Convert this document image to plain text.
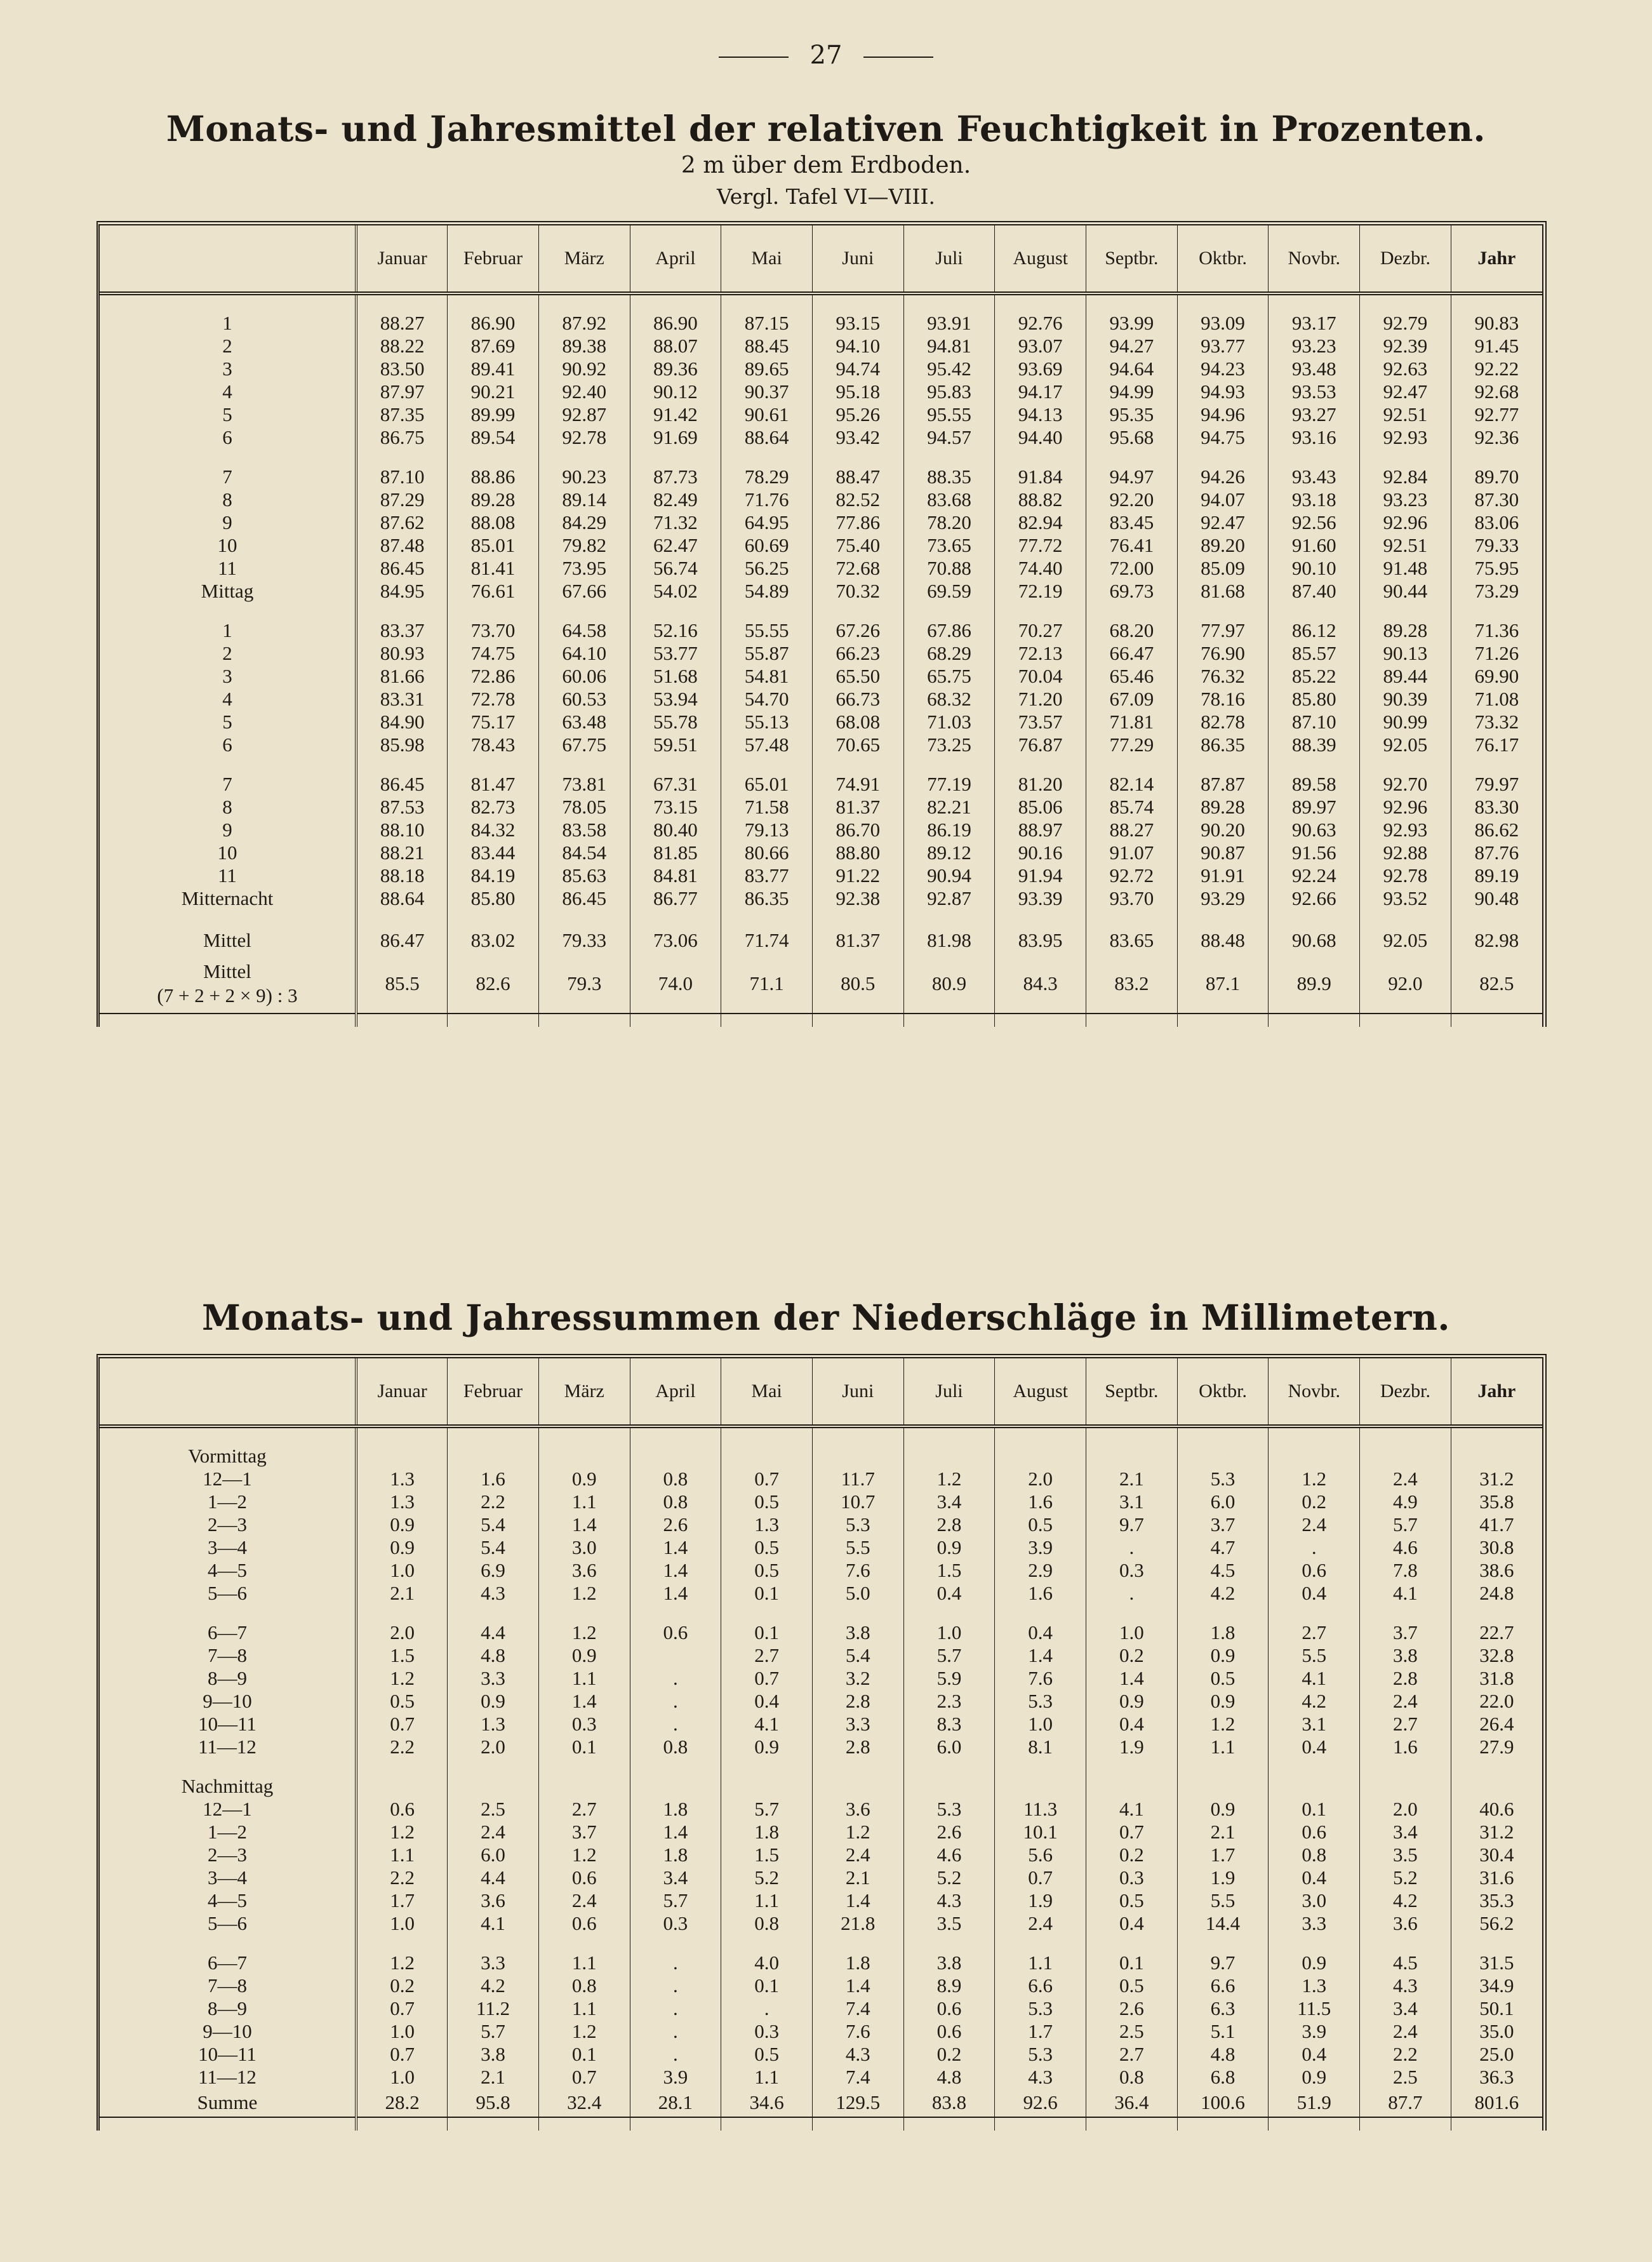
27
Monats- und Jahresmittel der relativen Feuchtigkeit in Prozenten.
2 m über dem Erdboden.
Vergl. Tafel VI—VIII.
	Januar	Februar	März	April	Mai	Juni	Juli	August	Septbr.	Oktbr.	Novbr.	Dezbr.	Jahr

1	88.27	86.90	87.92	86.90	87.15	93.15	93.91	92.76	93.99	93.09	93.17	92.79	90.83
2	88.22	87.69	89.38	88.07	88.45	94.10	94.81	93.07	94.27	93.77	93.23	92.39	91.45
3	83.50	89.41	90.92	89.36	89.65	94.74	95.42	93.69	94.64	94.23	93.48	92.63	92.22
4	87.97	90.21	92.40	90.12	90.37	95.18	95.83	94.17	94.99	94.93	93.53	92.47	92.68
5	87.35	89.99	92.87	91.42	90.61	95.26	95.55	94.13	95.35	94.96	93.27	92.51	92.77
6	86.75	89.54	92.78	91.69	88.64	93.42	94.57	94.40	95.68	94.75	93.16	92.93	92.36

7	87.10	88.86	90.23	87.73	78.29	88.47	88.35	91.84	94.97	94.26	93.43	92.84	89.70
8	87.29	89.28	89.14	82.49	71.76	82.52	83.68	88.82	92.20	94.07	93.18	93.23	87.30
9	87.62	88.08	84.29	71.32	64.95	77.86	78.20	82.94	83.45	92.47	92.56	92.96	83.06
10	87.48	85.01	79.82	62.47	60.69	75.40	73.65	77.72	76.41	89.20	91.60	92.51	79.33
11	86.45	81.41	73.95	56.74	56.25	72.68	70.88	74.40	72.00	85.09	90.10	91.48	75.95
Mittag	84.95	76.61	67.66	54.02	54.89	70.32	69.59	72.19	69.73	81.68	87.40	90.44	73.29

1	83.37	73.70	64.58	52.16	55.55	67.26	67.86	70.27	68.20	77.97	86.12	89.28	71.36
2	80.93	74.75	64.10	53.77	55.87	66.23	68.29	72.13	66.47	76.90	85.57	90.13	71.26
3	81.66	72.86	60.06	51.68	54.81	65.50	65.75	70.04	65.46	76.32	85.22	89.44	69.90
4	83.31	72.78	60.53	53.94	54.70	66.73	68.32	71.20	67.09	78.16	85.80	90.39	71.08
5	84.90	75.17	63.48	55.78	55.13	68.08	71.03	73.57	71.81	82.78	87.10	90.99	73.32
6	85.98	78.43	67.75	59.51	57.48	70.65	73.25	76.87	77.29	86.35	88.39	92.05	76.17

7	86.45	81.47	73.81	67.31	65.01	74.91	77.19	81.20	82.14	87.87	89.58	92.70	79.97
8	87.53	82.73	78.05	73.15	71.58	81.37	82.21	85.06	85.74	89.28	89.97	92.96	83.30
9	88.10	84.32	83.58	80.40	79.13	86.70	86.19	88.97	88.27	90.20	90.63	92.93	86.62
10	88.21	83.44	84.54	81.85	80.66	88.80	89.12	90.16	91.07	90.87	91.56	92.88	87.76
11	88.18	84.19	85.63	84.81	83.77	91.22	90.94	91.94	92.72	91.91	92.24	92.78	89.19
Mitternacht	88.64	85.80	86.45	86.77	86.35	92.38	92.87	93.39	93.70	93.29	92.66	93.52	90.48

Mittel	86.47	83.02	79.33	73.06	71.74	81.37	81.98	83.95	83.65	88.48	90.68	92.05	82.98

Mittel
(7 + 2 + 2 × 9) : 3	85.5	82.6	79.3	74.0	71.1	80.5	80.9	84.3	83.2	87.1	89.9	92.0	82.5

Monats- und Jahressummen der Niederschläge in Millimetern.
	Januar	Februar	März	April	Mai	Juni	Juli	August	Septbr.	Oktbr.	Novbr.	Dezbr.	Jahr

Vormittag													
12—1	1.3	1.6	0.9	0.8	0.7	11.7	1.2	2.0	2.1	5.3	1.2	2.4	31.2
1—2	1.3	2.2	1.1	0.8	0.5	10.7	3.4	1.6	3.1	6.0	0.2	4.9	35.8
2—3	0.9	5.4	1.4	2.6	1.3	5.3	2.8	0.5	9.7	3.7	2.4	5.7	41.7
3—4	0.9	5.4	3.0	1.4	0.5	5.5	0.9	3.9	.	4.7	.	4.6	30.8
4—5	1.0	6.9	3.6	1.4	0.5	7.6	1.5	2.9	0.3	4.5	0.6	7.8	38.6
5—6	2.1	4.3	1.2	1.4	0.1	5.0	0.4	1.6	.	4.2	0.4	4.1	24.8

6—7	2.0	4.4	1.2	0.6	0.1	3.8	1.0	0.4	1.0	1.8	2.7	3.7	22.7
7—8	1.5	4.8	0.9		2.7	5.4	5.7	1.4	0.2	0.9	5.5	3.8	32.8
8—9	1.2	3.3	1.1	.	0.7	3.2	5.9	7.6	1.4	0.5	4.1	2.8	31.8
9—10	0.5	0.9	1.4	.	0.4	2.8	2.3	5.3	0.9	0.9	4.2	2.4	22.0
10—11	0.7	1.3	0.3	.	4.1	3.3	8.3	1.0	0.4	1.2	3.1	2.7	26.4
11—12	2.2	2.0	0.1	0.8	0.9	2.8	6.0	8.1	1.9	1.1	0.4	1.6	27.9

Nachmittag													
12—1	0.6	2.5	2.7	1.8	5.7	3.6	5.3	11.3	4.1	0.9	0.1	2.0	40.6
1—2	1.2	2.4	3.7	1.4	1.8	1.2	2.6	10.1	0.7	2.1	0.6	3.4	31.2
2—3	1.1	6.0	1.2	1.8	1.5	2.4	4.6	5.6	0.2	1.7	0.8	3.5	30.4
3—4	2.2	4.4	0.6	3.4	5.2	2.1	5.2	0.7	0.3	1.9	0.4	5.2	31.6
4—5	1.7	3.6	2.4	5.7	1.1	1.4	4.3	1.9	0.5	5.5	3.0	4.2	35.3
5—6	1.0	4.1	0.6	0.3	0.8	21.8	3.5	2.4	0.4	14.4	3.3	3.6	56.2

6—7	1.2	3.3	1.1	.	4.0	1.8	3.8	1.1	0.1	9.7	0.9	4.5	31.5
7—8	0.2	4.2	0.8	.	0.1	1.4	8.9	6.6	0.5	6.6	1.3	4.3	34.9
8—9	0.7	11.2	1.1	.	.	7.4	0.6	5.3	2.6	6.3	11.5	3.4	50.1
9—10	1.0	5.7	1.2	.	0.3	7.6	0.6	1.7	2.5	5.1	3.9	2.4	35.0
10—11	0.7	3.8	0.1	.	0.5	4.3	0.2	5.3	2.7	4.8	0.4	2.2	25.0
11—12	1.0	2.1	0.7	3.9	1.1	7.4	4.8	4.3	0.8	6.8	0.9	2.5	36.3
Summe	28.2	95.8	32.4	28.1	34.6	129.5	83.8	92.6	36.4	100.6	51.9	87.7	801.6
